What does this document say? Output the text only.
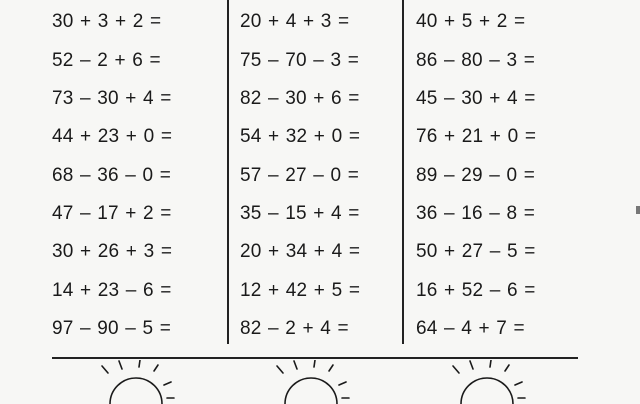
30 + 3 + 2 =
52 – 2 + 6 =
73 – 30 + 4 =
44 + 23 + 0 =
68 – 36 – 0 =
47 – 17 + 2 =
30 + 26 + 3 =
14 + 23 – 6 =
97 – 90 – 5 =
20 + 4 + 3 =
75 – 70 – 3 =
82 – 30 + 6 =
54 + 32 + 0 =
57 – 27 – 0 =
35 – 15 + 4 =
20 + 34 + 4 =
12 + 42 + 5 =
82 – 2 + 4 =
40 + 5 + 2 =
86 – 80 – 3 =
45 – 30 + 4 =
76 + 21 + 0 =
89 – 29 – 0 =
36 – 16 – 8 =
50 + 27 – 5 =
16 + 52 – 6 =
64 – 4 + 7 =
